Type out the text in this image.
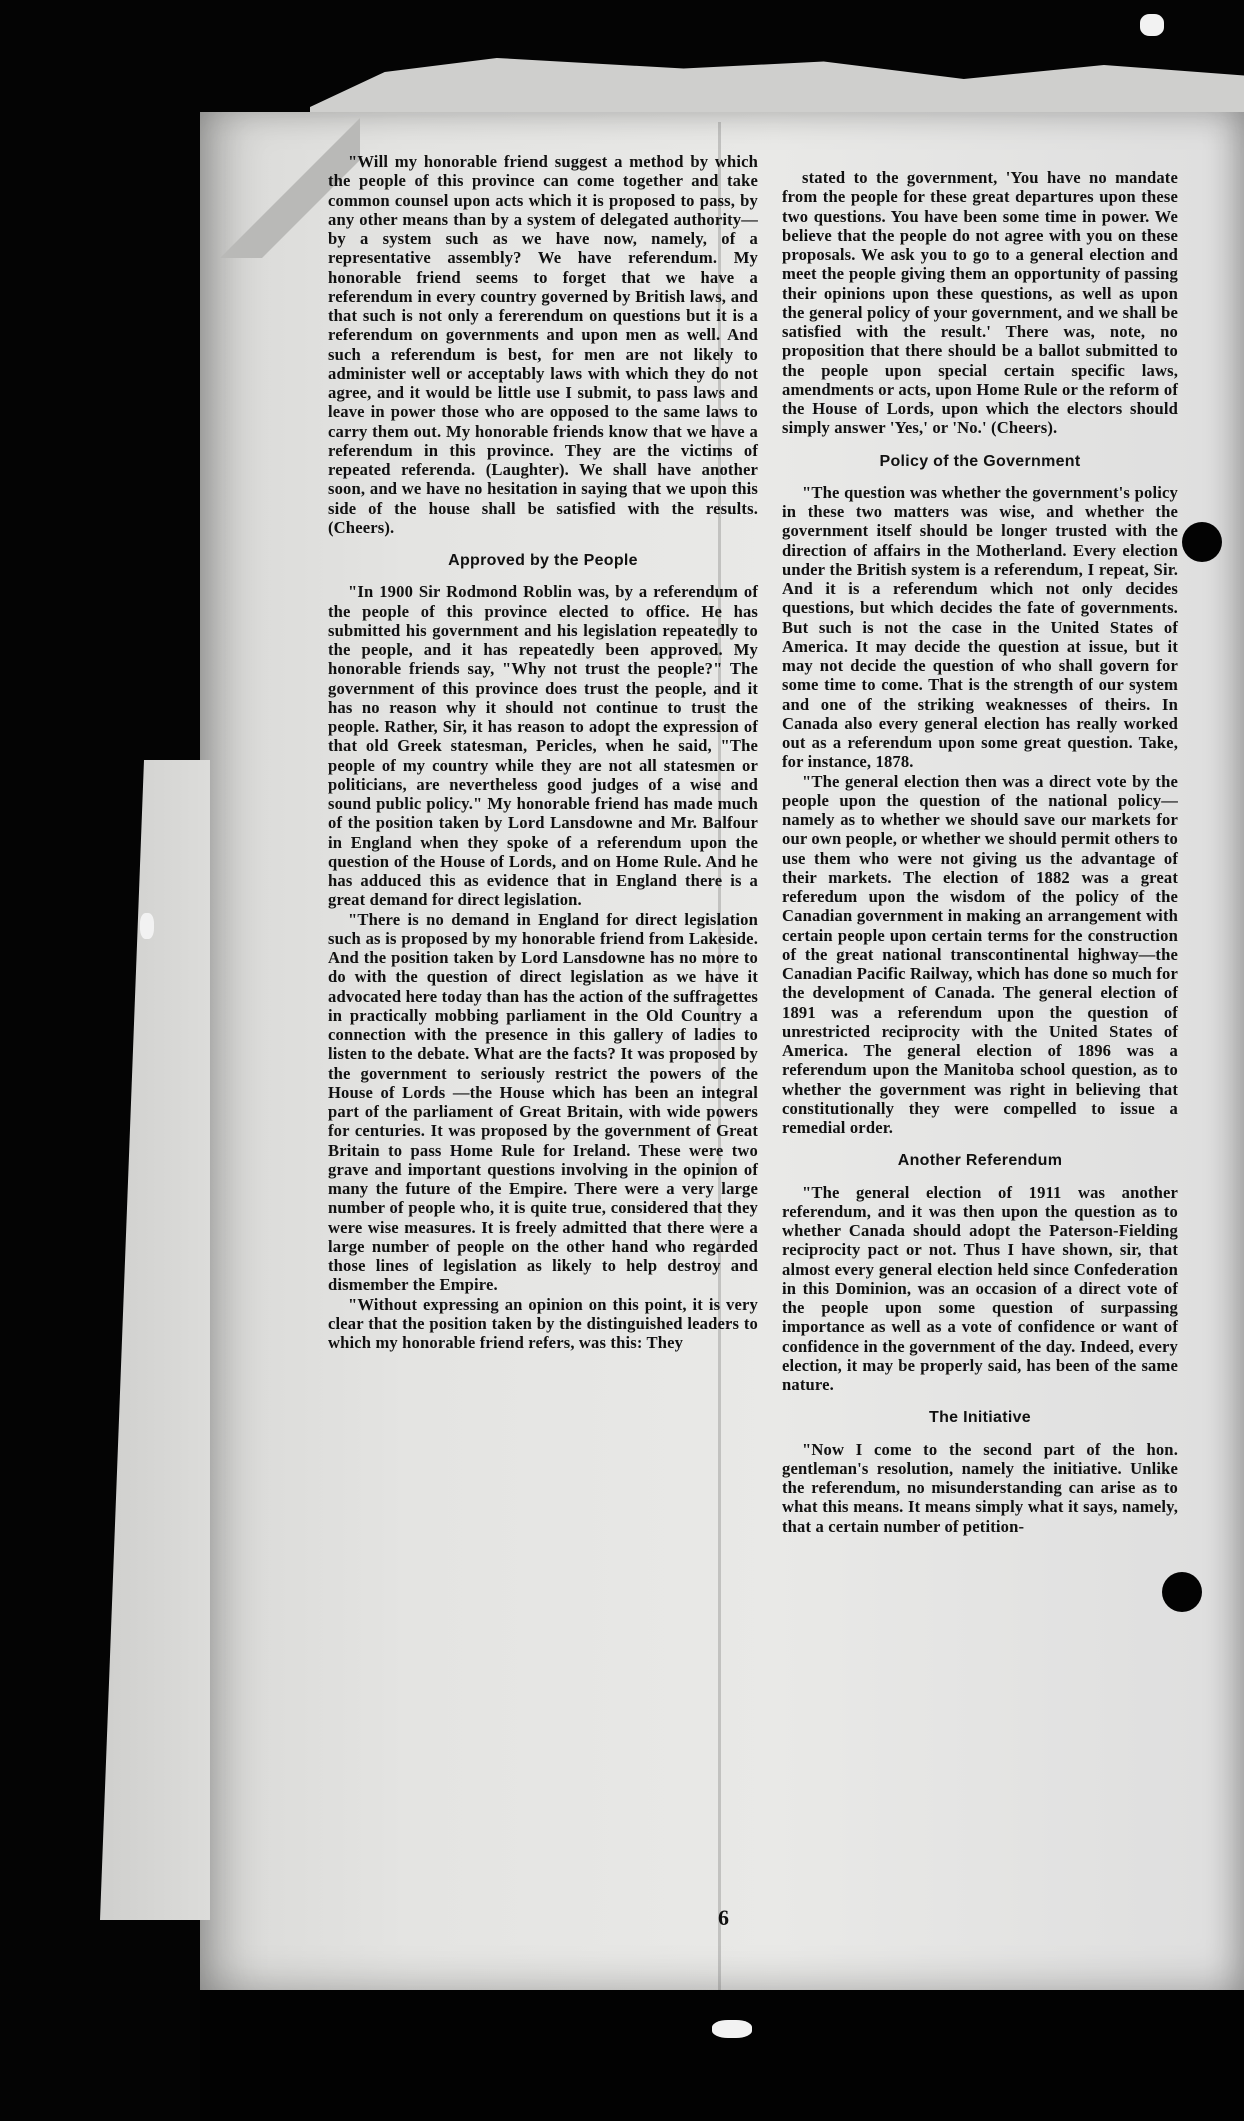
"Will my honorable friend suggest a method by which the people of this province can come together and take common counsel upon acts which it is proposed to pass, by any other means than by a system of delegated authority—by a system such as we have now, namely, of a representative assembly? We have referendum. My honorable friend seems to forget that we have a referendum in every country governed by British laws, and that such is not only a fererendum on questions but it is a referendum on governments and upon men as well. And such a referendum is best, for men are not likely to administer well or acceptably laws with which they do not agree, and it would be little use I submit, to pass laws and leave in power those who are opposed to the same laws to carry them out. My honorable friends know that we have a referendum in this province. They are the victims of repeated referenda. (Laughter). We shall have another soon, and we have no hesitation in saying that we upon this side of the house shall be satisfied with the results. (Cheers).

Approved by the People

"In 1900 Sir Rodmond Roblin was, by a referendum of the people of this province elected to office. He has submitted his government and his legislation repeatedly to the people, and it has repeatedly been approved. My honorable friends say, "Why not trust the people?" The government of this province does trust the people, and it has no reason why it should not continue to trust the people. Rather, Sir, it has reason to adopt the expression of that old Greek statesman, Pericles, when he said, "The people of my country while they are not all statesmen or politicians, are nevertheless good judges of a wise and sound public policy." My honorable friend has made much of the position taken by Lord Lansdowne and Mr. Balfour in England when they spoke of a referendum upon the question of the House of Lords, and on Home Rule. And he has adduced this as evidence that in England there is a great demand for direct legislation.

"There is no demand in England for direct legislation such as is proposed by my honorable friend from Lakeside. And the position taken by Lord Lansdowne has no more to do with the question of direct legislation as we have it advocated here today than has the action of the suffragettes in practically mobbing parliament in the Old Country a connection with the presence in this gallery of ladies to listen to the debate. What are the facts? It was proposed by the government to seriously restrict the powers of the House of Lords —the House which has been an integral part of the parliament of Great Britain, with wide powers for centuries. It was proposed by the government of Great Britain to pass Home Rule for Ireland. These were two grave and important questions involving in the opinion of many the future of the Empire. There were a very large number of people who, it is quite true, considered that they were wise measures. It is freely admitted that there were a large number of people on the other hand who regarded those lines of legislation as likely to help destroy and dismember the Empire.

"Without expressing an opinion on this point, it is very clear that the position taken by the distinguished leaders to which my honorable friend refers, was this: They

stated to the government, 'You have no mandate from the people for these great departures upon these two questions. You have been some time in power. We believe that the people do not agree with you on these proposals. We ask you to go to a general election and meet the people giving them an opportunity of passing their opinions upon these questions, as well as upon the general policy of your government, and we shall be satisfied with the result.' There was, note, no proposition that there should be a ballot submitted to the people upon special certain specific laws, amendments or acts, upon Home Rule or the reform of the House of Lords, upon which the electors should simply answer 'Yes,' or 'No.' (Cheers).

Policy of the Government

"The question was whether the government's policy in these two matters was wise, and whether the government itself should be longer trusted with the direction of affairs in the Motherland. Every election under the British system is a referendum, I repeat, Sir. And it is a referendum which not only decides questions, but which decides the fate of governments. But such is not the case in the United States of America. It may decide the question at issue, but it may not decide the question of who shall govern for some time to come. That is the strength of our system and one of the striking weaknesses of theirs. In Canada also every general election has really worked out as a referendum upon some great question. Take, for instance, 1878.

"The general election then was a direct vote by the people upon the question of the national policy—namely as to whether we should save our markets for our own people, or whether we should permit others to use them who were not giving us the advantage of their markets. The election of 1882 was a great referedum upon the wisdom of the policy of the Canadian government in making an arrangement with certain people upon certain terms for the construction of the great national transcontinental highway—the Canadian Pacific Railway, which has done so much for the development of Canada. The general election of 1891 was a referendum upon the question of unrestricted reciprocity with the United States of America. The general election of 1896 was a referendum upon the Manitoba school question, as to whether the government was right in believing that constitutionally they were compelled to issue a remedial order.

Another Referendum

"The general election of 1911 was another referendum, and it was then upon the question as to whether Canada should adopt the Paterson-Fielding reciprocity pact or not. Thus I have shown, sir, that almost every general election held since Confederation in this Dominion, was an occasion of a direct vote of the people upon some question of surpassing importance as well as a vote of confidence or want of confidence in the government of the day. Indeed, every election, it may be properly said, has been of the same nature.

The Initiative

"Now I come to the second part of the hon. gentleman's resolution, namely the initiative. Unlike the referendum, no misunderstanding can arise as to what this means. It means simply what it says, namely, that a certain number of petition-

6
